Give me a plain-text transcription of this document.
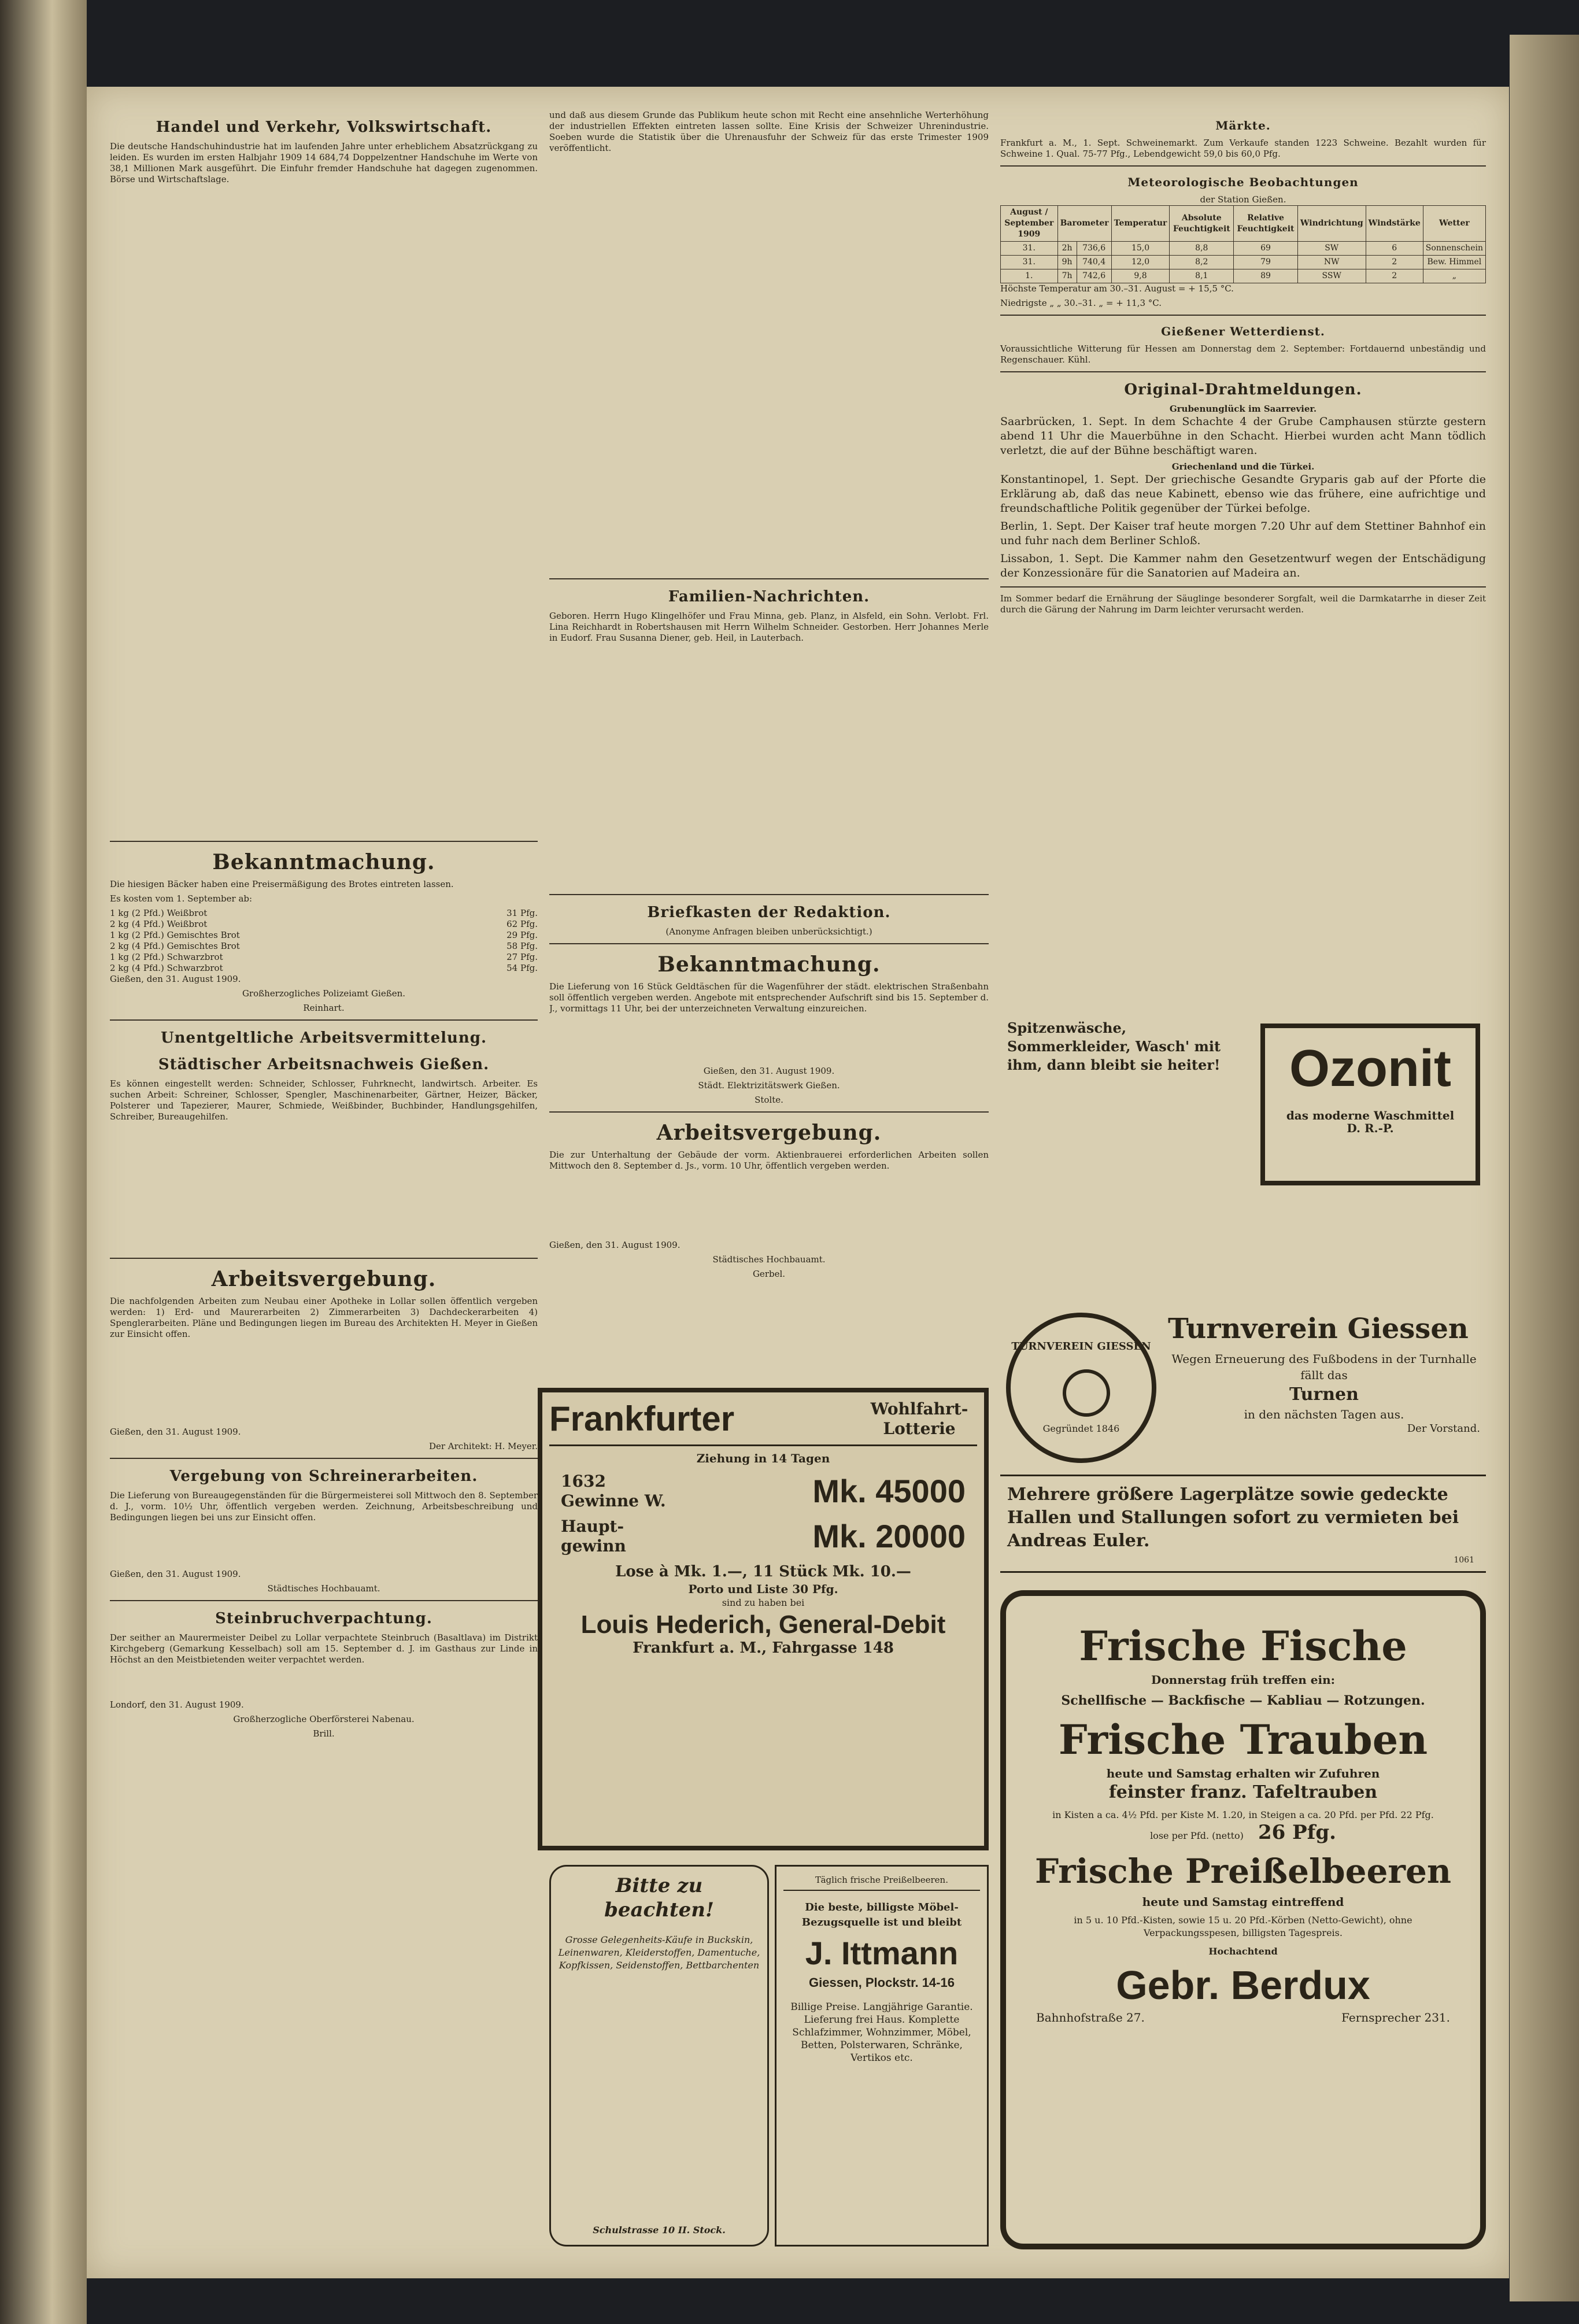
Handel und Verkehr, Volkswirtschaft.

Die deutsche Handschuhindustrie hat im laufenden Jahre unter erheblichem Absatzrückgang zu leiden. Es wurden im ersten Halbjahr 1909 14 684,74 Doppelzentner Handschuhe im Werte von 38,1 Millionen Mark ausgeführt. Die Einfuhr fremder Handschuhe hat dagegen zugenommen. Börse und Wirtschaftslage.

Bekanntmachung.

Die hiesigen Bäcker haben eine Preisermäßigung des Brotes eintreten lassen.

Es kosten vom 1. September ab:

1 kg (2 Pfd.) Weißbrot	31 Pfg.
2 kg (4 Pfd.) Weißbrot	62 Pfg.
1 kg (2 Pfd.) Gemischtes Brot	29 Pfg.
2 kg (4 Pfd.) Gemischtes Brot	58 Pfg.
1 kg (2 Pfd.) Schwarzbrot	27 Pfg.
2 kg (4 Pfd.) Schwarzbrot	54 Pfg.

Gießen, den 31. August 1909.

Großherzogliches Polizeiamt Gießen.

Reinhart.

Unentgeltliche Arbeitsvermittelung.
Städtischer Arbeitsnachweis Gießen.

Es können eingestellt werden: Schneider, Schlosser, Fuhrknecht, landwirtsch. Arbeiter. Es suchen Arbeit: Schreiner, Schlosser, Spengler, Maschinenarbeiter, Gärtner, Heizer, Bäcker, Polsterer und Tapezierer, Maurer, Schmiede, Weißbinder, Buchbinder, Handlungsgehilfen, Schreiber, Bureaugehilfen.

Arbeitsvergebung.

Die nachfolgenden Arbeiten zum Neubau einer Apotheke in Lollar sollen öffentlich vergeben werden: 1) Erd- und Maurerarbeiten 2) Zimmerarbeiten 3) Dachdeckerarbeiten 4) Spenglerarbeiten. Pläne und Bedingungen liegen im Bureau des Architekten H. Meyer in Gießen zur Einsicht offen.

Gießen, den 31. August 1909.

Der Architekt: H. Meyer.

Vergebung von Schreinerarbeiten.

Die Lieferung von Bureaugegenständen für die Bürgermeisterei soll Mittwoch den 8. September d. J., vorm. 10½ Uhr, öffentlich vergeben werden. Zeichnung, Arbeitsbeschreibung und Bedingungen liegen bei uns zur Einsicht offen.

Gießen, den 31. August 1909.

Städtisches Hochbauamt.

Steinbruchverpachtung.

Der seither an Maurermeister Deibel zu Lollar verpachtete Steinbruch (Basaltlava) im Distrikt Kirchgeberg (Gemarkung Kesselbach) soll am 15. September d. J. im Gasthaus zur Linde in Höchst an den Meistbietenden weiter verpachtet werden.

Londorf, den 31. August 1909.

Großherzogliche Oberförsterei Nabenau.

Brill.

und daß aus diesem Grunde das Publikum heute schon mit Recht eine ansehnliche Werterhöhung der industriellen Effekten eintreten lassen sollte. Eine Krisis der Schweizer Uhrenindustrie. Soeben wurde die Statistik über die Uhrenausfuhr der Schweiz für das erste Trimester 1909 veröffentlicht.

Familien-Nachrichten.

Geboren. Herrn Hugo Klingelhöfer und Frau Minna, geb. Planz, in Alsfeld, ein Sohn. Verlobt. Frl. Lina Reichhardt in Robertshausen mit Herrn Wilhelm Schneider. Gestorben. Herr Johannes Merle in Eudorf. Frau Susanna Diener, geb. Heil, in Lauterbach.

Briefkasten der Redaktion.

(Anonyme Anfragen bleiben unberücksichtigt.)

Bekanntmachung.

Die Lieferung von 16 Stück Geldtäschen für die Wagenführer der städt. elektrischen Straßenbahn soll öffentlich vergeben werden. Angebote mit entsprechender Aufschrift sind bis 15. September d. J., vormittags 11 Uhr, bei der unterzeichneten Verwaltung einzureichen.

Gießen, den 31. August 1909.

Städt. Elektrizitätswerk Gießen.

Stolte.

Arbeitsvergebung.

Die zur Unterhaltung der Gebäude der vorm. Aktienbrauerei erforderlichen Arbeiten sollen Mittwoch den 8. September d. Js., vorm. 10 Uhr, öffentlich vergeben werden.

Gießen, den 31. August 1909.

Städtisches Hochbauamt.

Gerbel.

Frankfurter	Wohlfahrt-Lotterie
Ziehung in 14 Tagen
1632
Gewinne W.	Mk. 45000
Haupt-gewinn	Mk. 20000
Lose à Mk. 1.—, 11 Stück Mk. 10.—
Porto und Liste 30 Pfg.
sind zu haben bei
Louis Hederich, General-Debit
Frankfurt a. M., Fahrgasse 148
Bitte zu beachten!

Grosse Gelegenheits-Käufe in Buckskin, Leinenwaren, Kleiderstoffen, Damentuche, Kopfkissen, Seidenstoffen, Bettbarchenten

Schulstrasse 10 II. Stock.
Täglich frische Preißelbeeren.
Die beste, billigste Möbel-Bezugsquelle ist und bleibt
J. Ittmann
Giessen, Plockstr. 14-16

Billige Preise. Langjährige Garantie. Lieferung frei Haus. Komplette Schlafzimmer, Wohnzimmer, Möbel, Betten, Polsterwaren, Schränke, Vertikos etc.

Märkte.

Frankfurt a. M., 1. Sept. Schweinemarkt. Zum Verkaufe standen 1223 Schweine. Bezahlt wurden für Schweine 1. Qual. 75-77 Pfg., Lebendgewicht 59,0 bis 60,0 Pfg.

Meteorologische Beobachtungen
der Station Gießen.
August / September 1909	Barometer		Temperatur	Absolute Feuchtigkeit	Relative Feuchtigkeit	Windrichtung	Windstärke	Wetter
31.	2h	736,6	15,0	8,8	69	SW	6	Sonnenschein
31.	9h	740,4	12,0	8,2	79	NW	2	Bew. Himmel
1.	7h	742,6	9,8	8,1	89	SSW	2	„

Höchste Temperatur am 30.–31. August = + 15,5 °C.

Niedrigste „ „ 30.–31. „ = + 11,3 °C.

Gießener Wetterdienst.

Voraussichtliche Witterung für Hessen am Donnerstag dem 2. September: Fortdauernd unbeständig und Regenschauer. Kühl.

Original-Drahtmeldungen.
Grubenunglück im Saarrevier.

Saarbrücken, 1. Sept. In dem Schachte 4 der Grube Camphausen stürzte gestern abend 11 Uhr die Mauerbühne in den Schacht. Hierbei wurden acht Mann tödlich verletzt, die auf der Bühne beschäftigt waren.

Griechenland und die Türkei.

Konstantinopel, 1. Sept. Der griechische Gesandte Gryparis gab auf der Pforte die Erklärung ab, daß das neue Kabinett, ebenso wie das frühere, eine aufrichtige und freundschaftliche Politik gegenüber der Türkei befolge.

Berlin, 1. Sept. Der Kaiser traf heute morgen 7.20 Uhr auf dem Stettiner Bahnhof ein und fuhr nach dem Berliner Schloß.

Lissabon, 1. Sept. Die Kammer nahm den Gesetzentwurf wegen der Entschädigung der Konzessionäre für die Sanatorien auf Madeira an.

Im Sommer bedarf die Ernährung der Säuglinge besonderer Sorgfalt, weil die Darmkatarrhe in dieser Zeit durch die Gärung der Nahrung im Darm leichter verursacht werden.

Spitzenwäsche, Sommerkleider, Wasch' mit ihm, dann bleibt sie heiter!	Ozonit
das moderne Waschmittel
D. R.-P.
TURNVEREIN GIESSEN
Gegründet 1846
Turnverein Giessen
Wegen Erneuerung des Fußbodens in der Turnhalle fällt das
Turnen
in den nächsten Tagen aus.
Der Vorstand.
Mehrere größere Lagerplätze sowie gedeckte Hallen und Stallungen sofort zu vermieten bei Andreas Euler.
1061
Frische Fische
Donnerstag früh treffen ein:
Schellfische — Backfische — Kabliau — Rotzungen.
Frische Trauben
heute und Samstag erhalten wir Zufuhren
feinster franz. Tafeltrauben

in Kisten a ca. 4½ Pfd. per Kiste M. 1.20, in Steigen a ca. 20 Pfd. per Pfd. 22 Pfg.

lose per Pfd. (netto) 26 Pfg.
Frische Preißelbeeren
heute und Samstag eintreffend

in 5 u. 10 Pfd.-Kisten, sowie 15 u. 20 Pfd.-Körben (Netto-Gewicht), ohne Verpackungsspesen, billigsten Tagespreis.

Hochachtend
Gebr. Berdux
Bahnhofstraße 27.	Fernsprecher 231.
